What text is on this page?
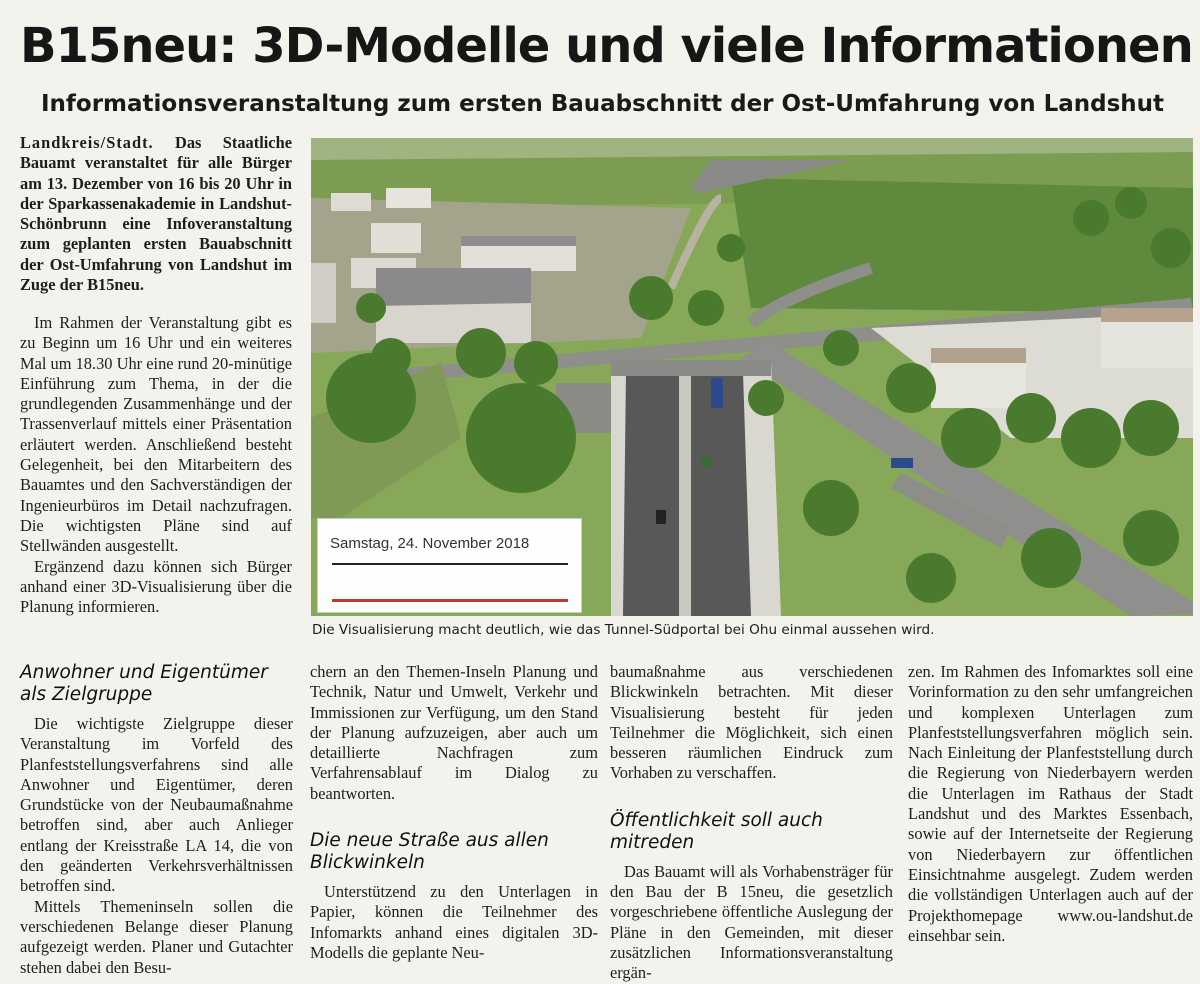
B15neu: 3D-Modelle und viele Informationen
Informationsveranstaltung zum ersten Bauabschnitt der Ost-Umfahrung von Landshut
Landkreis/Stadt. Das Staatliche Bauamt veranstaltet für alle Bürger am 13. Dezember von 16 bis 20 Uhr in der Sparkassenakademie in Landshut-Schönbrunn eine Infoveranstaltung zum geplanten ersten Bauabschnitt der Ost-Umfahrung von Landshut im Zuge der B15neu.

Im Rahmen der Veranstaltung gibt es zu Beginn um 16 Uhr und ein weiteres Mal um 18.30 Uhr eine rund 20-minütige Einführung zum Thema, in der die grundlegenden Zusammenhänge und der Trassenverlauf mittels einer Präsentation erläutert werden. Anschließend besteht Gelegenheit, bei den Mitarbeitern des Bauamtes und den Sachverständigen der Ingenieurbüros im Detail nachzufragen. Die wichtigsten Pläne sind auf Stellwänden ausgestellt.

Ergänzend dazu können sich Bürger anhand einer 3D-Visualisierung über die Planung informieren.

Samstag, 24. November 2018
Die Visualisierung macht deutlich, wie das Tunnel-Südportal bei Ohu einmal aussehen wird.
Anwohner und Eigentümer als Zielgruppe

Die wichtigste Zielgruppe dieser Veranstaltung im Vorfeld des Planfeststellungsverfahrens sind alle Anwohner und Eigentümer, deren Grundstücke von der Neubaumaßnahme betroffen sind, aber auch Anlieger entlang der Kreisstraße LA 14, die von den geänderten Verkehrsverhältnissen betroffen sind.

Mittels Themeninseln sollen die verschiedenen Belange dieser Planung aufgezeigt werden. Planer und Gutachter stehen dabei den Besu-

chern an den Themen-Inseln Planung und Technik, Natur und Umwelt, Verkehr und Immissionen zur Verfügung, um den Stand der Planung aufzuzeigen, aber auch um detaillierte Nachfragen zum Verfahrensablauf im Dialog zu beantworten.

Die neue Straße aus allen Blickwinkeln

Unterstützend zu den Unterlagen in Papier, können die Teilnehmer des Infomarkts anhand eines digitalen 3D-Modells die geplante Neu-

baumaßnahme aus verschiedenen Blickwinkeln betrachten. Mit dieser Visualisierung besteht für jeden Teilnehmer die Möglichkeit, sich einen besseren räumlichen Eindruck zum Vorhaben zu verschaffen.

Öffentlichkeit soll auch mitreden

Das Bauamt will als Vorhabensträger für den Bau der B 15neu, die gesetzlich vorgeschriebene öffentliche Auslegung der Pläne in den Gemeinden, mit dieser zusätzlichen Informationsveranstaltung ergän-

zen. Im Rahmen des Infomarktes soll eine Vorinformation zu den sehr umfangreichen und komplexen Unterlagen zum Planfeststellungsverfahren möglich sein. Nach Einleitung der Planfeststellung durch die Regierung von Niederbayern werden die Unterlagen im Rathaus der Stadt Landshut und des Marktes Essenbach, sowie auf der Internetseite der Regierung von Niederbayern zur öffentlichen Einsichtnahme ausgelegt. Zudem werden die vollständigen Unterlagen auch auf der Projekthomepage www.ou-landshut.de einsehbar sein.
